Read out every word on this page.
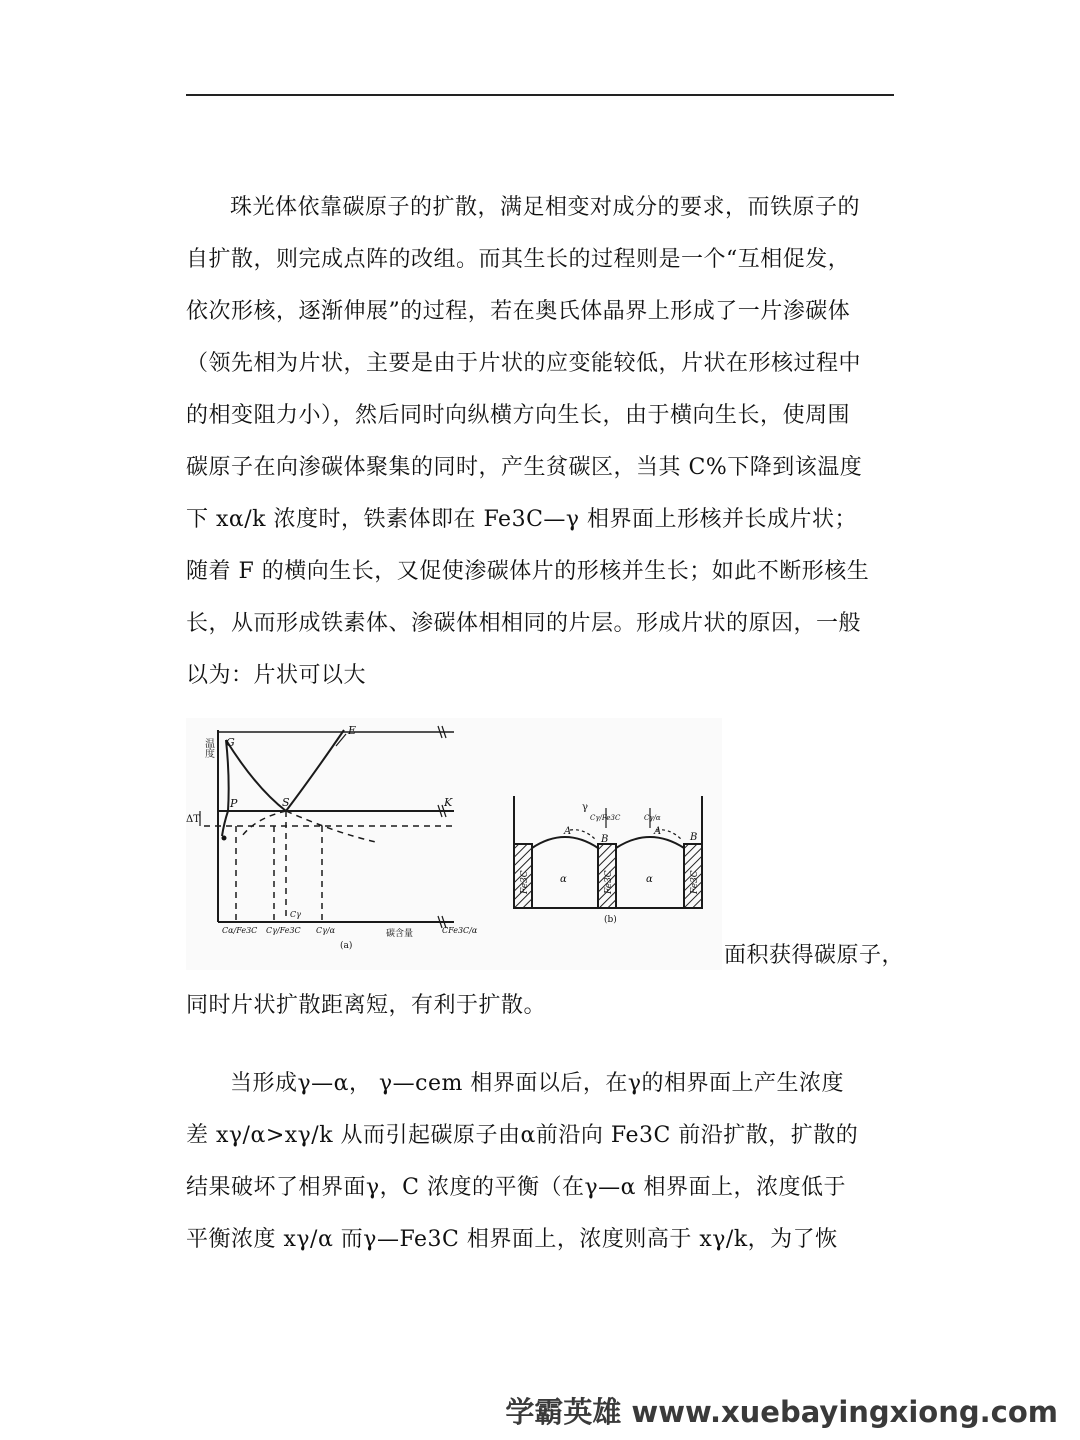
珠光体依靠碳原子的扩散，满足相变对成分的要求，而铁原子的
自扩散，则完成点阵的改组。而其生长的过程则是一个“互相促发，
依次形核，逐渐伸展”的过程，若在奥氏体晶界上形成了一片渗碳体
（领先相为片状，主要是由于片状的应变能较低，片状在形核过程中
的相变阻力小），然后同时向纵横方向生长，由于横向生长，使周围
碳原子在向渗碳体聚集的同时，产生贫碳区，当其 C%下降到该温度
下 xα/k 浓度时，铁素体即在 Fe3C—γ 相界面上形核并长成片状；
随着 F 的横向生长，又促使渗碳体片的形核并生长；如此不断形核生
长，从而形成铁素体、渗碳体相相同的片层。形成片状的原因，一般
以为：片状可以大
温度 G
E
P	S	K
ΔT
Cγ
Cα/Fe3C Cγ/Fe3C Cγ/α	CFe3C/α
碳含量
(a)
γ
Cγ/Fe3C	Cγ/α
A	A
B	B
α	α
Fe3C	Fe3C	Fe3C
(b)
面积获得碳原子，
同时片状扩散距离短，有利于扩散。
当形成γ—α， γ—cem 相界面以后，在γ的相界面上产生浓度
差 xγ/α>xγ/k 从而引起碳原子由α前沿向 Fe3C 前沿扩散，扩散的
结果破坏了相界面γ，C 浓度的平衡（在γ—α 相界面上，浓度低于
平衡浓度 xγ/α 而γ—Fe3C 相界面上，浓度则高于 xγ/k，为了恢
学霸英雄 www.xuebayingxiong.com
